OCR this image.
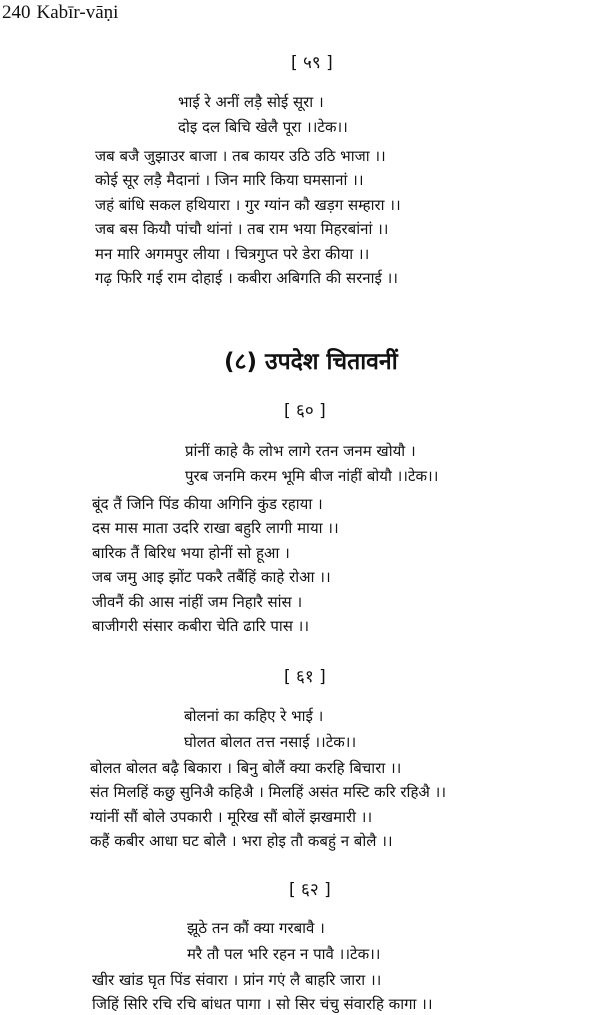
240 Kabīr-vāṇi
[ ५९ ]
भाई रे अनीं लड़ै सोई सूरा ।
दोइ दल बिचि खेलै पूरा ।।टेक।।
जब बजै जुझाउर बाजा । तब कायर उठि उठि भाजा ।।
कोई सूर लड़ै मैदानां । जिन मारि किया घमसानां ।।
जहं बांधि सकल हथियारा । गुर ग्यांन कौ खड़ग सम्हारा ।।
जब बस कियौ पांचौ थांनां । तब राम भया मिहरबांनां ।।
मन मारि अगमपुर लीया । चित्रगुप्त परे डेरा कीया ।।
गढ़ फिरि गई राम दोहाई । कबीरा अबिगति की सरनाई ।।
(८) उपदेश चितावनीं
[ ६० ]
प्रांनीं काहे कै लोभ लागे रतन जनम खोयौ ।
पुरब जनमि करम भूमि बीज नांहीं बोयौ ।।टेक।।
बूंद तैं जिनि पिंड कीया अगिनि कुंड रहाया ।
दस मास माता उदरि राखा बहुरि लागी माया ।।
बारिक तैं बिरिध भया होनीं सो हूआ ।
जब जमु आइ झोंट पकरै तबैंहिं काहे रोआ ।।
जीवनैं की आस नांहीं जम निहारै सांस ।
बाजीगरी संसार कबीरा चेति ढारि पास ।।
[ ६१ ]
बोलनां का कहिए रे भाई ।
घोलत बोलत तत्त नसाई ।।टेक।।
बोलत बोलत बढ़ै बिकारा । बिनु बोलैं क्या करहि बिचारा ।।
संत मिलहिं कछु सुनिअै कहिअै । मिलहिं असंत मस्टि करि रहिअै ।।
ग्यांनीं सौं बोले उपकारी । मूरिख सौं बोलें झखमारी ।।
कहैं कबीर आधा घट बोलै । भरा होइ तौ कबहुं न बोलै ।।
[ ६२ ]
झूठे तन कौं क्या गरबावै ।
मरै तौ पल भरि रहन न पावै ।।टेक।।
खीर खांड घृत पिंड संवारा । प्रांन गएं लै बाहरि जारा ।।
जिहिं सिरि रचि रचि बांधत पागा । सो सिर चंचु संवारहि कागा ।।
